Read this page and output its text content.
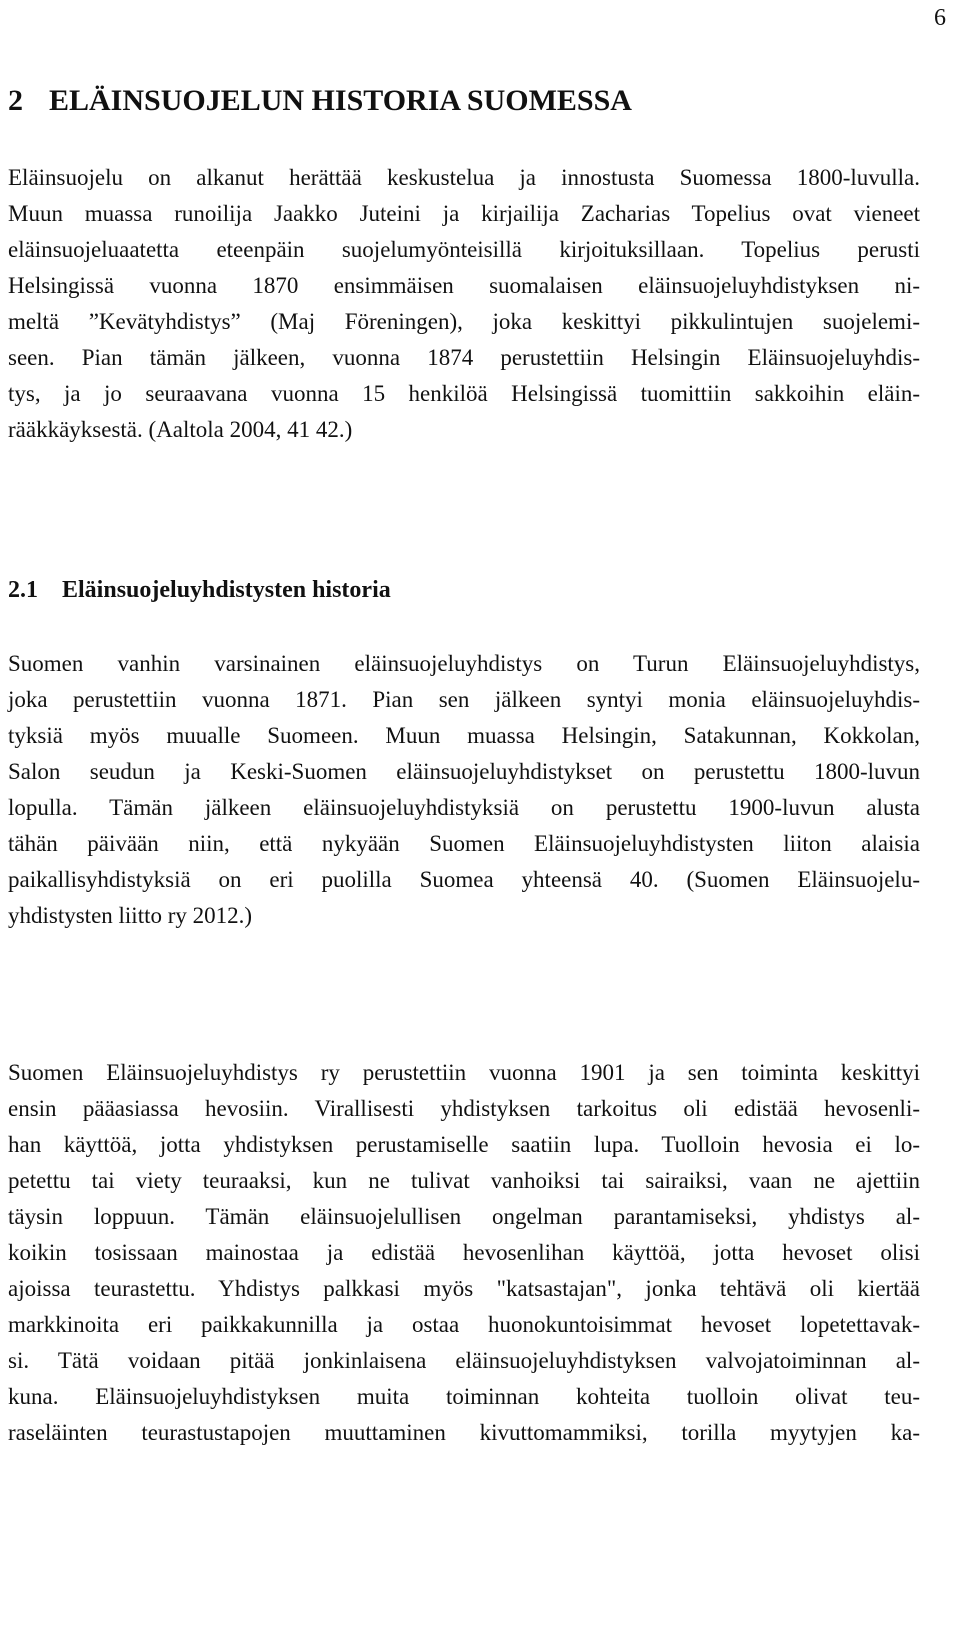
6
2 ELÄINSUOJELUN HISTORIA SUOMESSA
Eläinsuojelu on alkanut herättää keskustelua ja innostusta Suomessa 1800-luvulla.
Muun muassa runoilija Jaakko Juteini ja kirjailija Zacharias Topelius ovat vieneet
eläinsuojeluaatetta eteenpäin suojelumyönteisillä kirjoituksillaan. Topelius perusti
Helsingissä vuonna 1870 ensimmäisen suomalaisen eläinsuojeluyhdistyksen ni-
meltä ”Kevätyhdistys” (Maj Föreningen), joka keskittyi pikkulintujen suojelemi-
seen. Pian tämän jälkeen, vuonna 1874 perustettiin Helsingin Eläinsuojeluyhdis-
tys, ja jo seuraavana vuonna 15 henkilöä Helsingissä tuomittiin sakkoihin eläin-
rääkkäyksestä. (Aaltola 2004, 41 42.)
2.1 Eläinsuojeluyhdistysten historia
Suomen vanhin varsinainen eläinsuojeluyhdistys on Turun Eläinsuojeluyhdistys,
joka perustettiin vuonna 1871. Pian sen jälkeen syntyi monia eläinsuojeluyhdis-
tyksiä myös muualle Suomeen. Muun muassa Helsingin, Satakunnan, Kokkolan,
Salon seudun ja Keski-Suomen eläinsuojeluyhdistykset on perustettu 1800-luvun
lopulla. Tämän jälkeen eläinsuojeluyhdistyksiä on perustettu 1900-luvun alusta
tähän päivään niin, että nykyään Suomen Eläinsuojeluyhdistysten liiton alaisia
paikallisyhdistyksiä on eri puolilla Suomea yhteensä 40. (Suomen Eläinsuojelu-
yhdistysten liitto ry 2012.)
Suomen Eläinsuojeluyhdistys ry perustettiin vuonna 1901 ja sen toiminta keskittyi
ensin pääasiassa hevosiin. Virallisesti yhdistyksen tarkoitus oli edistää hevosenli-
han käyttöä, jotta yhdistyksen perustamiselle saatiin lupa. Tuolloin hevosia ei lo-
petettu tai viety teuraaksi, kun ne tulivat vanhoiksi tai sairaiksi, vaan ne ajettiin
täysin loppuun. Tämän eläinsuojelullisen ongelman parantamiseksi, yhdistys al-
koikin tosissaan mainostaa ja edistää hevosenlihan käyttöä, jotta hevoset olisi
ajoissa teurastettu. Yhdistys palkkasi myös "katsastajan", jonka tehtävä oli kiertää
markkinoita eri paikkakunnilla ja ostaa huonokuntoisimmat hevoset lopetettavak-
si. Tätä voidaan pitää jonkinlaisena eläinsuojeluyhdistyksen valvojatoiminnan al-
kuna. Eläinsuojeluyhdistyksen muita toiminnan kohteita tuolloin olivat teu-
raseläinten teurastustapojen muuttaminen kivuttomammiksi, torilla myytyjen ka-
